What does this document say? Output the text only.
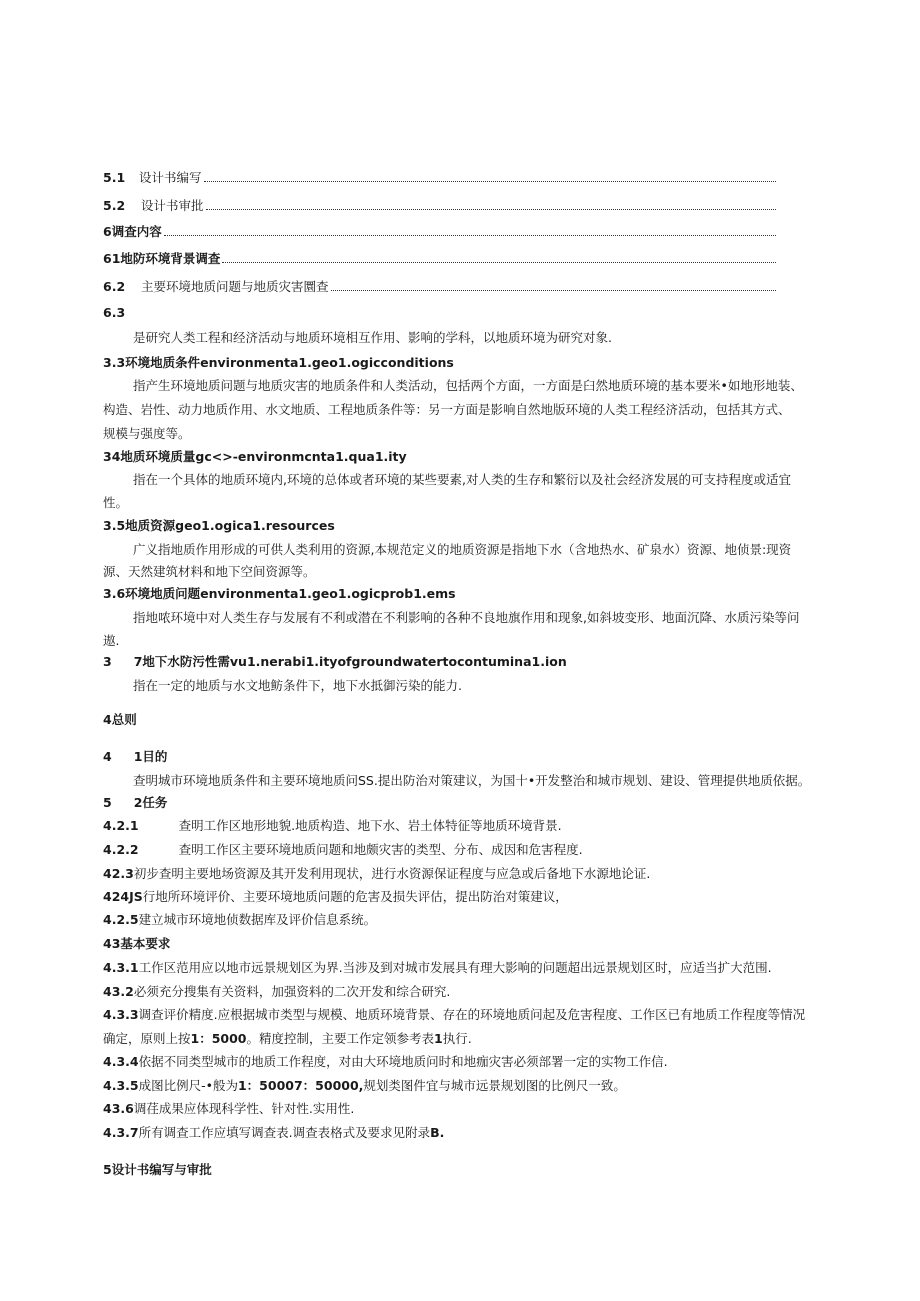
5.1	设计书编写
5.2	设计书审批
6调查内容
61地防环境背景调查
6.2	主要环境地质问题与地质灾害圜查
6.3
是研究人类工程和经济活动与地质环境相互作用、影响的学科，以地质环境为研究对象.
3.3环境地质条件environmenta1.geo1.ogicconditions
指产生环境地质问题与地质灾害的地质条件和人类活动，包括两个方面，一方面是臼然地质环境的基本要米•如地形地装、
构造、岩性、动力地质作用、水文地质、工程地质条件等：另一方面是影响自然地版环境的人类工程经济活动，包括其方式、
规模与强度等。
34地质环境质量gc<>-environmcnta1.qua1.ity
指在一个具体的地质环境内,环境的总体或者环境的某些要素,对人类的生存和繁衍以及社会经济发展的可支持程度或适宜
性。
3.5地质资源geo1.ogica1.resources
广义指地质作用形成的可供人类利用的资源,本规范定义的地质资源是指地下水（含地热水、矿泉水）资源、地侦景:现资
源、天然建筑材料和地下空间资源等。
3.6环境地质问题environmenta1.geo1.ogicprob1.ems
指地哝环境中对人类生存与发展有不利或潜在不利影响的各种不良地旗作用和现象,如斜坡变形、地面沉降、水质污染等问
遨.
3 7地下水防污性需vu1.nerabi1.ityofgroundwatertocontumina1.ion
指在一定的地质与水文地鲂条件下，地下水抵御污染的能力.
4总则
4 1目的
查明城市环境地质条件和主要环境地质问SS.提出防治对策建议，为国十•开发整治和城市规划、建设、管理提供地质依据。
5 2任务
4.2.1	查明工作区地形地貌.地质构造、地下水、岩土体特征等地质环境背景.
4.2.2	查明工作区主要环境地质问题和地颇灾害的类型、分布、成因和危害程度.
42.3初步查明主要地场资源及其开发利用现状，进行水资源保证程度与应急或后备地下水源地论证.
424JS行地所环境评价、主要环境地质问题的危害及损失评估，提出防治对策建议，
4.2.5建立城市环境地侦数据库及评价信息系统。
43基本要求
4.3.1工作区范用应以地市远景规划区为界.当涉及到对城市发展具有理大影响的问题超出远景规划区时，应适当扩大范围.
43.2必须充分搜集有关资料，加强资料的二次开发和综合研究.
4.3.3调查评价精度.应根据城市类型与规模、地质环境背景、存在的环境地质问起及危害程度、工作区已有地质工作程度等情况
确定，原则上按1：5000。精度控制，主要工作定领参考表1执行.
4.3.4依据不同类型城市的地质工作程度，对由大环境地质问时和地痂灾害必须部署一定的实物工作信.
4.3.5成图比例尺-•般为1：50007：50000,规划类图件宜与城市远景规划图的比例尺一致。
43.6调荏成果应体现科学性、针对性.实用性.
4.3.7所有调查工作应填写调查表.调查表格式及要求见附录B.
5设计书编写与审批
